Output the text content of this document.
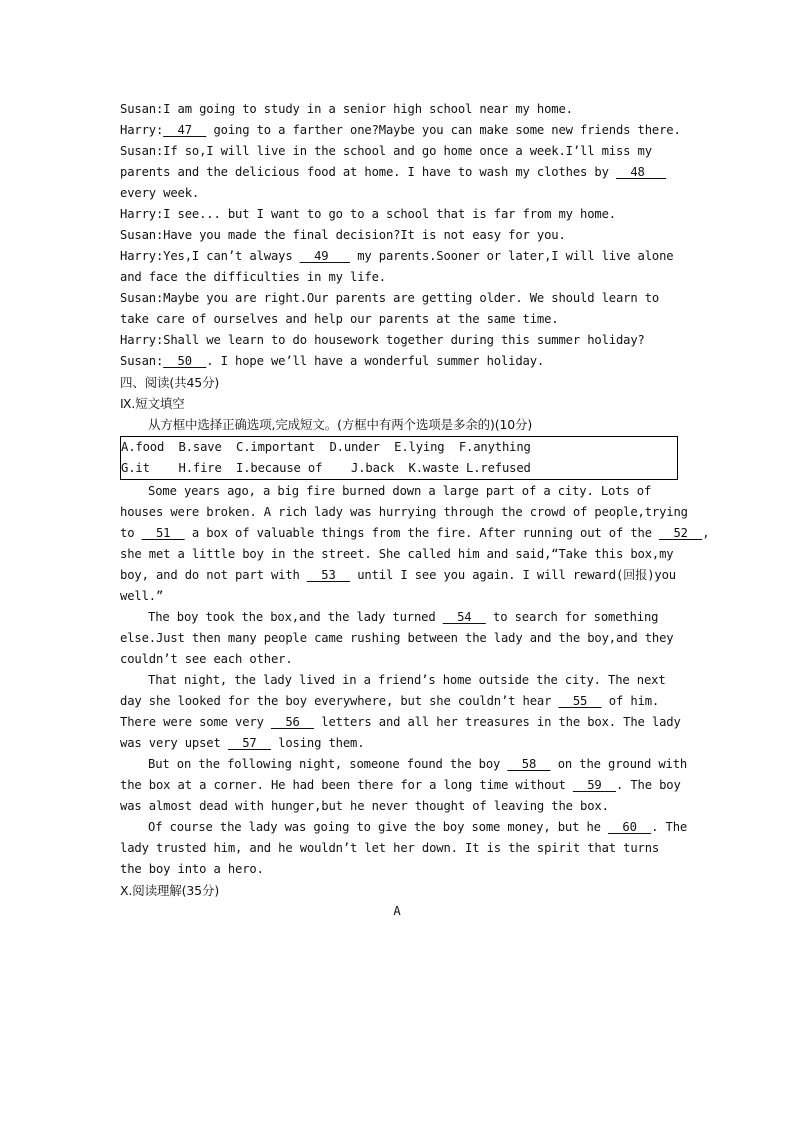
Susan:I am going to study in a senior high school near my home.
Harry:  47   going to a farther one?Maybe you can make some new friends there.
Susan:If so,I will live in the school and go home once a week.I’ll miss my
parents and the delicious food at home. I have to wash my clothes by   48
every week.
Harry:I see... but I want to go to a school that is far from my home.
Susan:Have you made the final decision?It is not easy for you.
Harry:Yes,I can’t always   49    my parents.Sooner or later,I will live alone
and face the difficulties in my life.
Susan:Maybe you are right.Our parents are getting older. We should learn to
take care of ourselves and help our parents at the same time.
Harry:Shall we learn to do housework together during this summer holiday?
Susan:  50  . I hope we’ll have a wonderful summer holiday.
四、阅读(共45分)
Ⅸ.短文填空
从方框中选择正确选项,完成短文。(方框中有两个选项是多余的)(10分)
A.food  B.save  C.important  D.under  E.lying  F.anything
G.it    H.fire  I.because of    J.back  K.waste L.refused
Some years ago, a big fire burned down a large part of a city. Lots of
houses were broken. A rich lady was hurrying through the crowd of people,trying
to   51   a box of valuable things from the fire. After running out of the   52  ,
she met a little boy in the street. She called him and said,“Take this box,my
boy, and do not part with   53   until I see you again. I will reward(回报)you
well.”
The boy took the box,and the lady turned   54   to search for something
else.Just then many people came rushing between the lady and the boy,and they
couldn’t see each other.
That night, the lady lived in a friend’s home outside the city. The next
day she looked for the boy everywhere, but she couldn’t hear   55   of him.
There were some very   56   letters and all her treasures in the box. The lady
was very upset   57   losing them.
But on the following night, someone found the boy   58   on the ground with
the box at a corner. He had been there for a long time without   59  . The boy
was almost dead with hunger,but he never thought of leaving the box.
Of course the lady was going to give the boy some money, but he   60  . The
lady trusted him, and he wouldn’t let her down. It is the spirit that turns
the boy into a hero.
Ⅹ.阅读理解(35分)
A
